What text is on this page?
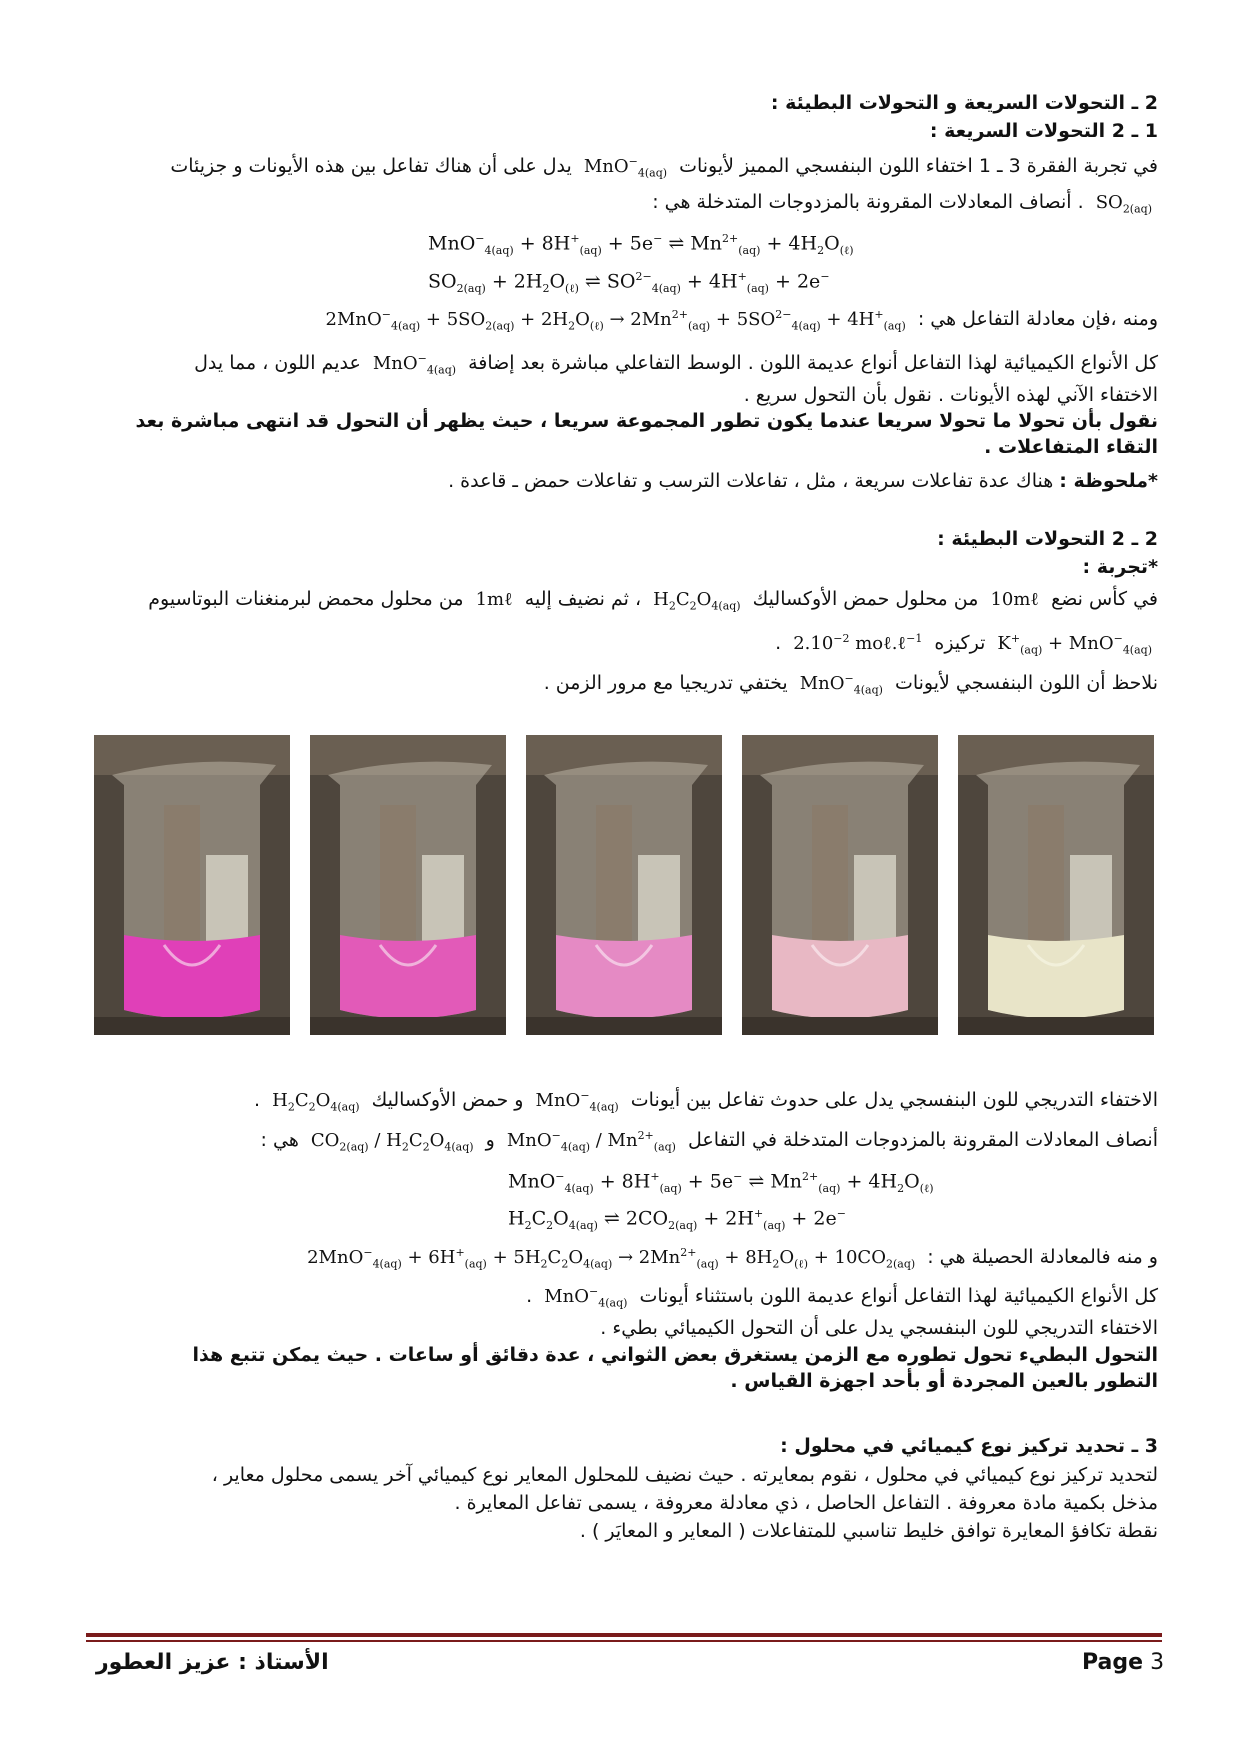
2 ـ التحولات السريعة و التحولات البطيئة :
1 ـ 2 التحولات السريعة :
في تجربة الفقرة 3 ـ 1 اختفاء اللون البنفسجي المميز لأيونات MnO−$_{4(aq)}$ يدل على أن هناك تفاعل بين هذه الأيونات و جزيئات
$SO_{2(aq)}$ . أنصاف المعادلات المقرونة بالمزدوجات المتدخلة هي :
$MnO^-_{4(aq)} + 8H^+_{(aq)} + 5e^-$ ⇌ $Mn^{2+}_{(aq)} + 4H_2O_{(\ell)}$
$SO_{2(aq)} + 2H_2O_{(\ell)}$ ⇌ $SO^{2-}_{4(aq)} + 4H^+_{(aq)} + 2e^-$
ومنه ،فإن معادلة التفاعل هي : $2MnO^-_{4(aq)} + 5SO_{2(aq)} + 2H_2O_{(\ell)} \to 2Mn^{2+}_{(aq)} + 5SO^{2-}_{4(aq)} + 4H^+_{(aq)}$
كل الأنواع الكيميائية لهذا التفاعل أنواع عديمة اللون . الوسط التفاعلي مباشرة بعد إضافة MnO−$_{4(aq)}$ عديم اللون ، مما يدل
الاختفاء الآني لهذه الأيونات . نقول بأن التحول سريع .
نقول بأن تحولا ما تحولا سريعا عندما يكون تطور المجموعة سريعا ، حيث يظهر أن التحول قد انتهى مباشرة بعد التقاء المتفاعلات .
*ملحوظة : هناك عدة تفاعلات سريعة ، مثل ، تفاعلات الترسب و تفاعلات حمض ـ قاعدة .
2 ـ 2 التحولات البطيئة :
*تجربة :
في كأس نضع 10mℓ من محلول حمض الأوكساليك $H_2C_2O_{4(aq)}$ ، ثم نضيف إليه 1mℓ من محلول محمض لبرمنغنات البوتاسيوم
$K^+_{(aq)} + MnO^-_{4(aq)}$ تركيزه $2.10^{-2}$ moℓ.ℓ$^{-1}$ .
نلاحظ أن اللون البنفسجي لأيونات MnO−$_{4(aq)}$ يختفي تدريجيا مع مرور الزمن .
الاختفاء التدريجي للون البنفسجي يدل على حدوث تفاعل بين أيونات MnO−$_{4(aq)}$ و حمض الأوكساليك $H_2C_2O_{4(aq)}$ .
أنصاف المعادلات المقرونة بالمزدوجات المتدخلة في التفاعل $MnO^-_{4(aq)} / Mn^{2+}_{(aq)}$ و $CO_{2(aq)} / H_2C_2O_{4(aq)}$ هي :
$MnO^-_{4(aq)} + 8H^+_{(aq)} + 5e^-$ ⇌ $Mn^{2+}_{(aq)} + 4H_2O_{(\ell)}$
$H_2C_2O_{4(aq)}$ ⇌ $2CO_{2(aq)} + 2H^+_{(aq)} + 2e^-$
و منه فالمعادلة الحصيلة هي : $2MnO^-_{4(aq)} + 6H^+_{(aq)} + 5H_2C_2O_{4(aq)} \to 2Mn^{2+}_{(aq)} + 8H_2O_{(\ell)} + 10CO_{2(aq)}$
كل الأنواع الكيميائية لهذا التفاعل أنواع عديمة اللون باستثناء أيونات MnO−$_{4(aq)}$ .
الاختفاء التدريجي للون البنفسجي يدل على أن التحول الكيميائي بطيء .
التحول البطيء تحول تطوره مع الزمن يستغرق بعض الثواني ، عدة دقائق أو ساعات . حيث يمكن تتبع هذا التطور بالعين المجردة أو بأحد اجهزة القياس .
3 ـ تحديد تركيز نوع كيميائي في محلول :
لتحديد تركيز نوع كيميائي في محلول ، نقوم بمعايرته . حيث نضيف للمحلول المعاير نوع كيميائي آخر يسمى محلول معاير ،
مذخل بكمية مادة معروفة . التفاعل الحاصل ، ذي معادلة معروفة ، يسمى تفاعل المعايرة .
نقطة تكافؤ المعايرة توافق خليط تناسبي للمتفاعلات ( المعاير و المعايَر ) .
Page 3
الأستاذ : عزيز العطور
